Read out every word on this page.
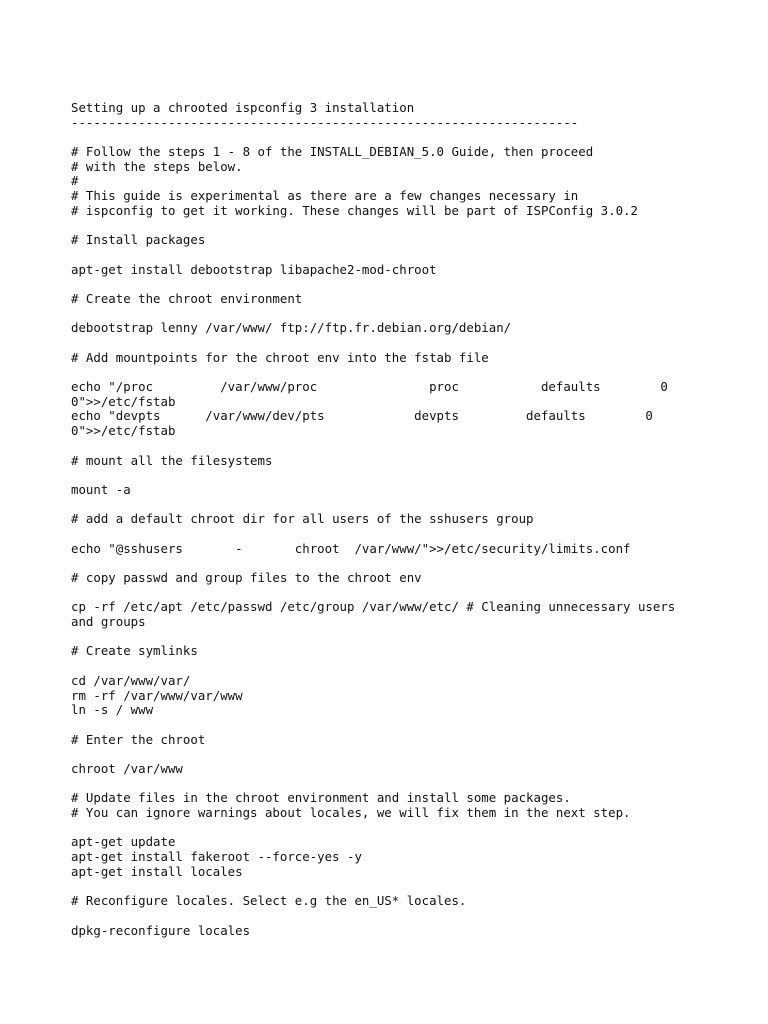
Setting up a chrooted ispconfig 3 installation
--------------------------------------------------------------------
# Follow the steps 1 - 8 of the INSTALL_DEBIAN_5.0 Guide, then proceed
# with the steps below.
#
# This guide is experimental as there are a few changes necessary in
# ispconfig to get it working. These changes will be part of ISPConfig 3.0.2
# Install packages
apt-get install debootstrap libapache2-mod-chroot
# Create the chroot environment
debootstrap lenny /var/www/ ftp://ftp.fr.debian.org/debian/
# Add mountpoints for the chroot env into the fstab file
echo "/proc         /var/www/proc               proc           defaults        0
0">>/etc/fstab
echo "devpts      /var/www/dev/pts            devpts         defaults        0
0">>/etc/fstab
# mount all the filesystems
mount -a
# add a default chroot dir for all users of the sshusers group
echo "@sshusers       -       chroot  /var/www/">>/etc/security/limits.conf
# copy passwd and group files to the chroot env
cp -rf /etc/apt /etc/passwd /etc/group /var/www/etc/ # Cleaning unnecessary users
and groups
# Create symlinks
cd /var/www/var/
rm -rf /var/www/var/www
ln -s / www
# Enter the chroot
chroot /var/www
# Update files in the chroot environment and install some packages.
# You can ignore warnings about locales, we will fix them in the next step.
apt-get update
apt-get install fakeroot --force-yes -y
apt-get install locales
# Reconfigure locales. Select e.g the en_US* locales.
dpkg-reconfigure locales
